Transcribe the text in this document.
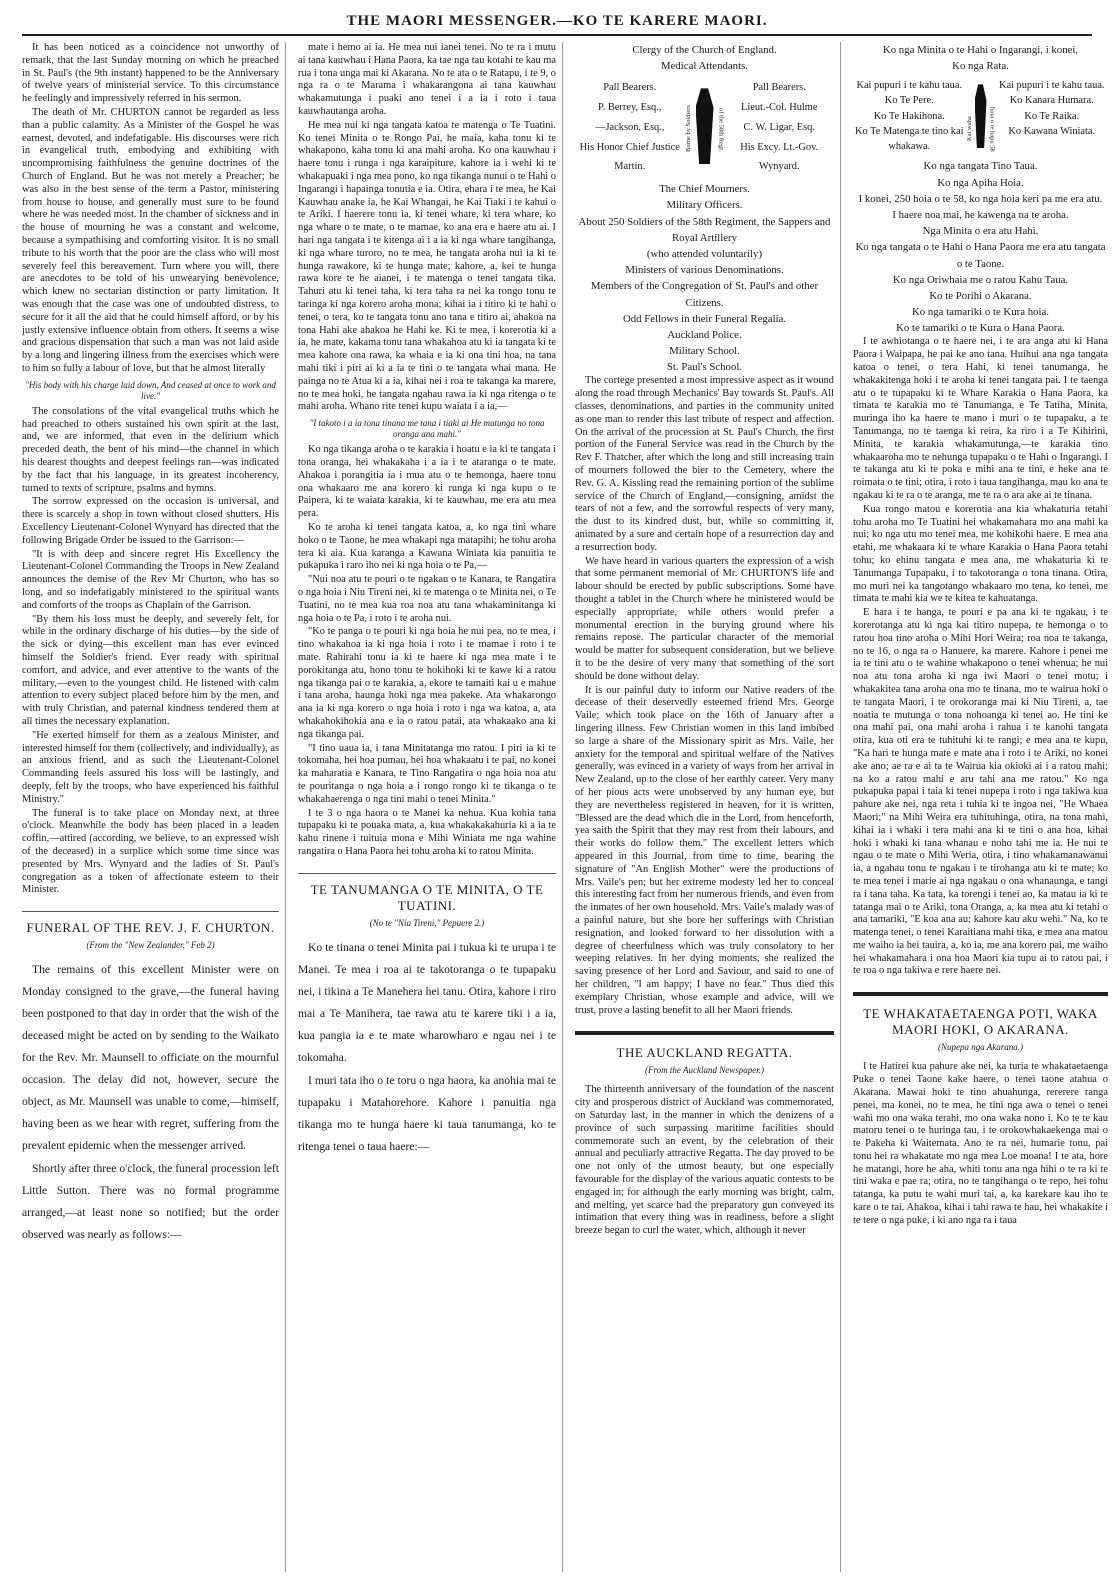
THE MAORI MESSENGER.—KO TE KARERE MAORI.

It has been noticed as a coincidence not unworthy of remark, that the last Sunday morning on which he preached in St. Paul's (the 9th instant) happened to be the Anniversary of twelve years of ministerial service. To this circumstance he feelingly and impressively referred in his sermon.

The death of Mr. CHURTON cannot be regarded as less than a public calamity. As a Minister of the Gospel he was earnest, devoted, and indefatigable. His discourses were rich in evangelical truth, embodying and exhibiting with uncompromising faithfulness the genuine doctrines of the Church of England. But he was not merely a Preacher; he was also in the best sense of the term a Pastor, ministering from house to house, and generally must sure to be found where he was needed most. In the chamber of sickness and in the house of mourning he was a constant and welcome, because a sympathising and comforting visitor. It is no small tribute to his worth that the poor are the class who will most severely feel this bereavement. Turn where you will, there are anecdotes to be told of his unwearying benevolence, which knew no sectarian distinction or party limitation. It was enough that the case was one of undoubted distress, to secure for it all the aid that he could himself afford, or by his justly extensive influence obtain from others. It seems a wise and gracious dispensation that such a man was not laid aside by a long and lingering illness from the exercises which were to him so fully a labour of love, but that he almost literally

"His body with his charge laid down, And ceased at once to work and live."

The consolations of the vital evangelical truths which he had preached to others sustained his own spirit at the last, and, we are informed, that even in the delirium which preceded death, the bent of his mind—the channel in which his dearest thoughts and deepest feelings ran—was indicated by the fact that his language, in its greatest incoherency, turned to texts of scripture, psalms and hymns.

The sorrow expressed on the occasion is universal, and there is scarcely a shop in town without closed shutters. His Excellency Lieutenant-Colonel Wynyard has directed that the following Brigade Order be issued to the Garrison:—

"It is with deep and sincere regret His Excellency the Lieutenant-Colonel Commanding the Troops in New Zealand announces the demise of the Rev Mr Churton, who has so long, and so indefatigably ministered to the spiritual wants and comforts of the troops as Chaplain of the Garrison.

"By them his loss must be deeply, and severely felt, for while in the ordinary discharge of his duties—by the side of the sick or dying—this excellent man has ever evinced himself the Soldier's friend. Ever ready with spiritual comfort, and advice, and ever attentive to the wants of the military,—even to the youngest child. He listened with calm attention to every subject placed before him by the men, and with truly Christian, and paternal kindness tendered them at all times the necessary explanation.

"He exerted himself for them as a zealous Minister, and interested himself for them (collectively, and individually), as an anxious friend, and as such the Lieutenant-Colonel Commanding feels assured his loss will be lastingly, and deeply, felt by the troops, who have experienced his faithful Ministry."

The funeral is to take place on Monday next, at three o'clock. Meanwhile the body has been placed in a leaden coffin,—attired (according, we believe, to an expressed wish of the deceased) in a surplice which some time since was presented by Mrs. Wynyard and the ladies of St. Paul's congregation as a token of affectionate esteem to their Minister.

FUNERAL OF THE REV. J. F. CHURTON.
(From the "New Zealander," Feb 2)

The remains of this excellent Minister were on Monday consigned to the grave,—the funeral having been postponed to that day in order that the wish of the deceased might be acted on by sending to the Waikato for the Rev. Mr. Maunsell to officiate on the mournful occasion. The delay did not, however, secure the object, as Mr. Maunsell was unable to come,—himself, having been as we hear with regret, suffering from the prevalent epidemic when the messenger arrived.

Shortly after three o'clock, the funeral procession left Little Sutton. There was no formal programme arranged,—at least none so notified; but the order observed was nearly as follows:—

mate i hemo ai ia. He mea nui ianei tenei. No te ra i mutu ai tana kauwhau i Hana Paora, ka tae nga tau kotahi te kau ma rua i tona unga mai ki Akarana. No te ata o te Ratapu, i te 9, o nga ra o te Marama i whakarangona ai tana kauwhau whakamutunga i puaki ano tenei i a ia i roto i taua kauwhautanga aroha.

He mea nui ki nga tangata katoa te matenga o Te Tuatini. Ko tenei Minita o te Rongo Pai, he maia, kaha tonu ki te whakapono, kaha tonu ki ana mahi aroha. Ko ona kauwhau i haere tonu i runga i nga karaipiture, kahore ia i wehi ki te whakapuaki i nga mea pono, ko nga tikanga nunui o te Hahi o Ingarangi i hapainga tonutia e ia. Otira, ehara i te mea, he Kai Kauwhau anake ia, he Kai Whangai, he Kai Tiaki i te kahui o te Ariki. I haerere tonu ia, ki tenei whare, ki tera whare, ko nga whare o te mate, o te mamae, ko ana era e haere atu ai. I hari nga tangata i te kitenga ai i a ia ki nga whare tangihanga, ki nga whare turoro, no te mea, he tangata aroha nui ia ki te hunga rawakore, ki te hunga mate; kahore, a, kei te hunga rawa kore te he aianei, i te matenga o tenei tangata tika. Tahuri atu ki tenei taha, ki tera taha ra nei ka rongo tonu te taringa ki nga korero aroha mona; kihai ia i titiro ki te hahi o tenei, o tera, ko te tangata tonu ano tana e titiro ai, ahakoa na tona Hahi ake ahakoa he Hahi ke. Ki te mea, i korerotia ki a ia, he mate, kakama tonu tana whakahoa atu ki ia tangata ki te mea kahore ona rawa, ka whaia e ia ki ona tini hoa, na tana mahi tiki i piri ai ki a ia te tini o te tangata whai mana. He painga no te Atua ki a ia, kihai nei i roa te takanga ka marere, no te mea hoki, he tangata ngahau rawa ia ki nga ritenga o te mahi aroha. Whano rite tenei kupu waiata i a ia,—

"I takoto i a ia tona tinana me tana i tiaki ai He mutunga no tona oranga ana mahi."

Ko nga tikanga aroha o te karakia i hoatu e ia ki te tangata i tona oranga, hei whakakaha i a ia i te ataranga o te mate. Ahakoa i porangitia ia i mua atu o te hemonga, haere tonu ona whakaaro me ana korero ki runga ki nga kupu o te Paipera, ki te waiata karakia, ki te kauwhau, me era atu mea pera.

Ko te aroha ki tenei tangata katoa, a, ko nga tini whare hoko o te Taone, he mea whakapi nga matapihi; he tohu aroha tera ki aia. Kua karanga a Kawana Winiata kia panuitia te pukapuka i raro iho nei ki nga hoia o te Pa,—

"Nui noa atu te pouri o te ngakau o te Kanara, te Rangatira o nga hoia i Niu Tireni nei, ki te matenga o te Minita nei, o Te Tuatini, no te mea kua roa noa atu tana whakaminitanga ki nga hoia o te Pa, i roto i te aroha nui.

"Ko te panga o te pouri ki nga hoia he nui pea, no te mea, i tino whakahoa ia ki nga hoia i roto i te mamae i roto i te mate. Rahirahi tonu ia ki te haere ki nga mea mate i te porokitanga atu, hono tonu te hokihoki ki te kawe ki a ratou nga tikanga pai o te karakia, a, ekore te tamaiti kai u e mahue i tana aroha, haunga hoki nga mea pakeke. Ata whakarongo ana ia ki nga korero o nga hoia i roto i nga wa katoa, a, ata whakahokihokia ana e ia o ratou patai, ata whakaako ana ki nga tikanga pai.

"I tino uaua ia, i tana Minitatanga mo ratou. I piri ia ki te tokomaha, hei hoa pumau, hei hoa whakaatu i te pai, no konei ka maharatia e Kanara, te Tino Rangatira o nga hoia noa atu te pouritanga o nga hoia a i rongo rongo ki te tikanga o te whakahaerenga o nga tini mahi o tenei Minita."

I te 3 o nga haora o te Manei ka nehua. Kua kohia tana tupapaku ki te pouaka mata, a, kua whakakakahuria ki a ia te kahu rinene i tuituia mona e Mihi Winiata me nga wahine rangatira o Hana Paora hei tohu aroha ki to ratou Minita.

TE TANUMANGA O TE MINITA, O TE TUATINI.
(No te "Nia Tireni," Pepuere 2.)

Ko te tinana o tenei Minita pai i tukua ki te urupa i te Manei. Te mea i roa ai te takotoranga o te tupapaku nei, i tikina a Te Manehera hei tanu. Otira, kahore i riro mai a Te Manihera, tae rawa atu te karere tiki i a ia, kua pangia ia e te mate wharowharo e ngau nei i te tokomaha.

I muri tata iho o te toru o nga haora, ka anohia mai te tupapaku i Matahorehore. Kahore i panuitia nga tikanga mo te hunga haere ki taua tanumanga, ko te ritenga tenei o taua haere:—

Clergy of the Church of England.
Medical Attendants.
Pall Bearers.
P. Berrey, Esq.,
—Jackson, Esq.,
His Honor Chief Justice Martin.
Borne by Soldiers	of the 58th Regt.
Pall Bearers.
Lieut.-Col. Hulme
C. W. Ligar, Esq.
His Excy. Lt.-Gov. Wynyard.
The Chief Mourners.
Military Officers.
About 250 Soldiers of the 58th Regiment, the Sappers and Royal Artillery
(who attended voluntarily)
Ministers of various Denominations.
Members of the Congregation of St. Paul's and other Citizens.
Odd Fellows in their Funeral Regalia.
Auckland Police.
Military School.
St. Paul's School.

The cortege presented a most impressive aspect as it wound along the road through Mechanics' Bay towards St. Paul's. All classes, denominations, and parties in the community united as one man to render this last tribute of respect and affection. On the arrival of the procession at St. Paul's Church, the first portion of the Funeral Service was read in the Church by the Rev F. Thatcher, after which the long and still increasing train of mourners followed the bier to the Cemetery, where the Rev. G. A. Kissling read the remaining portion of the sublime service of the Church of England,—consigning, amidst the tears of not a few, and the sorrowful respects of very many, the dust to its kindred dust, but, while so committing it, animated by a sure and certain hope of a resurrection day and a resurrection body.

We have heard in various quarters the expression of a wish that some permanent memorial of Mr. CHURTON'S life and labour should be erected by public subscriptions. Some have thought a tablet in the Church where he ministered would be especially appropriate, while others would prefer a monumental erection in the burying ground where his remains repose. The particular character of the memorial would be matter for subsequent consideration, but we believe it to be the desire of very many that something of the sort should be done without delay.

It is our painful duty to inform our Native readers of the decease of their deservedly esteemed friend Mrs. George Vaile; which took place on the 16th of January after a lingering illness. Few Christian women in this land imbibed so large a share of the Missionary spirit as Mrs. Vaile, her anxiety for the temporal and spiritual welfare of the Natives generally, was evinced in a variety of ways from her arrival in New Zealand, up to the close of her earthly career. Very many of her pious acts were unobserved by any human eye, but they are nevertheless registered in heaven, for it is written, "Blessed are the dead which die in the Lord, from henceforth, yea saith the Spirit that they may rest from their labours, and their works do follow them." The excellent letters which appeared in this Journal, from time to time, bearing the signature of "An English Mother" were the productions of Mrs. Vaile's pen; but her extreme modesty led her to conceal this interesting fact from her numerous friends, and even from the inmates of her own household. Mrs. Vaile's malady was of a painful nature, but she bore her sufferings with Christian resignation, and looked forward to her dissolution with a degree of cheerfulness which was truly consolatory to her weeping relatives. In her dying moments, she realized the saving presence of her Lord and Saviour, and said to one of her children, "I am happy; I have no fear." Thus died this exemplary Christian, whose example and advice, will we trust, prove a lasting benefit to all her Maori friends.

THE AUCKLAND REGATTA.
(From the Auckland Newspaper.)

The thirteenth anniversary of the foundation of the nascent city and prosperous district of Auckland was commemorated, on Saturday last, in the manner in which the denizens of a province of such surpassing maritime facilities should commemorate such an event, by the celebration of their annual and peculiarly attractive Regatta. The day proved to be one not only of the utmost beauty, but one especially favourable for the display of the various aquatic contests to be engaged in; for although the early morning was bright, calm, and melting, yet scarce had the preparatory gun conveyed its intimation that every thing was in readiness, before a slight breeze began to curl the water, which, although it never

Ko nga Minita o te Hahi o Ingarangi, i konei,
Ko nga Rata.
Kai pupuri i te kahu taua.
Ko Te Pere.
Ko Te Hakihona.
Ko Te Matenga te tino kai whakawa.
Kai waha hoia o te hapu 58
Kai pupuri i te kahu taua.
Ko Kanara Humara.
Ko Te Raika.
Ko Kawana Winiata.
Ko nga tangata Tino Taua.
Ko nga Apiha Hoia.
I konei, 250 hoia o te 58, ko nga hoia keri pa me era atu.
I haere noa mai, he kawenga na te aroha.
Nga Minita o era atu Hahi.
Ko nga tangata o te Hahi o Hana Paora me era atu tangata o te Taone.
Ko nga Oriwhaia me o ratou Kahu Taua.
Ko te Porihi o Akarana.
Ko nga tamariki o te Kura hoia.
Ko te tamariki o te Kura o Hana Paora.

I te awhiotanga o te haere nei, i te ara anga atu ki Hana Paora i Waipapa, he pai ke ano tana. Huihui ana nga tangata katoa o tenei, o tera Hahi, ki tenei tanumanga, he whakakitenga hoki i te aroha ki tenei tangata pai. I te taenga atu o te tupapaku ki te Whare Karakia o Hana Paora, ka timata te karakia mo te Tanumanga, e Te Tatiha, Minita, muringa iho ka haere te mano i muri o te tupapaku, a te Tanumanga, no te taenga ki reira, ka riro i a Te Kihirini, Minita, te karakia whakamutunga,—te karakia tino whakaaroha mo te nehunga tupapaku o te Hahi o Ingarangi. I te takanga atu ki te poka e mihi ana te tini, e heke ana te roimata o te tini; otira, i roto i taua tangihanga, mau ko ana te ngakau ki te ra o te aranga, me te ra o ara ake ai te tinana.

Kua rongo matou e korerotia ana kia whakaturia tetahi tohu aroha mo Te Tuatini hei whakamahara mo ana mahi ka nui; ko nga utu mo tenei mea, me kohikohi haere. E mea ana etahi, me whakaara ki te whare Karakia o Hana Paora tetahi tohu; ko ehinu tangata e mea ana, me whakaturia ki te Tanumanga Tupapaku, i to takotoranga o tona tinana. Otira, mo muri nei ka tangotango whakaaro mo tena, ko tenei, me timata te mahi kia we te kitea te kahuatanga.

E hara i te hanga, te pouri e pa ana ki te ngakau, i te korerotanga atu ki nga kai titiro nupepa, te hemonga o to ratou hoa tino aroha o Mihi Hori Weira; roa noa te takanga, no te 16, o nga ra o Hanuere, ka marere. Kahore i penei me ia te tini atu o te wahine whakapono o tenei whenua; he nui noa atu tona aroha ki nga iwi Maori o tenei motu; i whakakitea tana aroha ona mo te tinana, mo te wairua hoki o te tangata Maori, i te orokoranga mai ki Niu Tireni, a, tae noatia te mutunga o tona nohoanga ki tenei ao. He tini ke ona mahi pai, ona mahi aroha i rahua i te kanohi tangata otira, kua oti era te tuhituhi ki te rangi; e mea ana te kupu, "Ka hari te hunga mate e mate ana i roto i te Ariki, no konei ake ano; ae ra e ai ta te Wairua kia okioki ai i a ratou mahi; na ko a ratou mahi e aru tahi ana me ratou." Ko nga pukapuka papai i taia ki tenei nupepa i roto i nga takiwa kua pahure ake nei, nga reta i tuhia ki te ingoa nei, "He Whaea Maori;" na Mihi Weira era tuhituhinga, otira, na tona mahi, kihai ia i whaki i tera mahi ana ki te tini o ana hoa, kihai hoki i whaki ki tana whanau e noho tahi me ia. He nui te ngau o te mate o Mihi Weria, otira, i tino whakamanawanui ia, a ngahau tonu te ngakau i te tirohanga atu ki te mate; ko te mea tenei i marie ai nga ngakau o ona whanaunga, e tangi ra i tana taha. Ka tata, ka torengi i tenei ao, ka matau ia ki te tatanga mai o te Ariki, tona Oranga, a, ka mea atu ki tetahi o ana tamariki, "E koa ana au; kahore kau aku wehi." Na, ko te matenga tenei, o tenei Karaitiana mahi tika, e mea ana matou me waiho ia hei tauira, a, ko ia, me ana korero pai, me waiho hei whakamahara i ona hoa Maori kia tupu ai to ratou pai, i te roa o nga takiwa e rere haere nei.

TE WHAKATAETAENGA POTI, WAKA MAORI HOKI, O AKARANA.
(Nupepa nga Akarana.)

I te Hatirei kua pahure ake nei, ka turia te whakataetaenga Puke o tenei Taone kake haere, o tenei taone atahua o Akarana. Mawai hoki te tino ahuahunga, rererere ranga penei, ma konei, no te mea, he tini nga awa o tenei o tenei wahi mo ona waka terahi, mo ona waka nono i. Ko te te kau matoru tenei o te huringa tau, i te orokowhakaekenga mai o te Pakeha ki Waitemata. Ano te ra nei, humarie tonu, pai tonu hei ra whakatate mo nga mea Loe moana! I te ata, hore he matangi, hore he aha, whiti tonu ana nga hihi o te ra ki te tini waka e pae ra; otira, no te tangihanga o te repo, hei tohu tatanga, ka putu te wahi muri tai, a, ka karekare kau iho te kare o te tai. Ahakoa, kihai i tahi rawa te hau, hei whakakite i te tere o nga puke, i ki ano nga ra i taua
